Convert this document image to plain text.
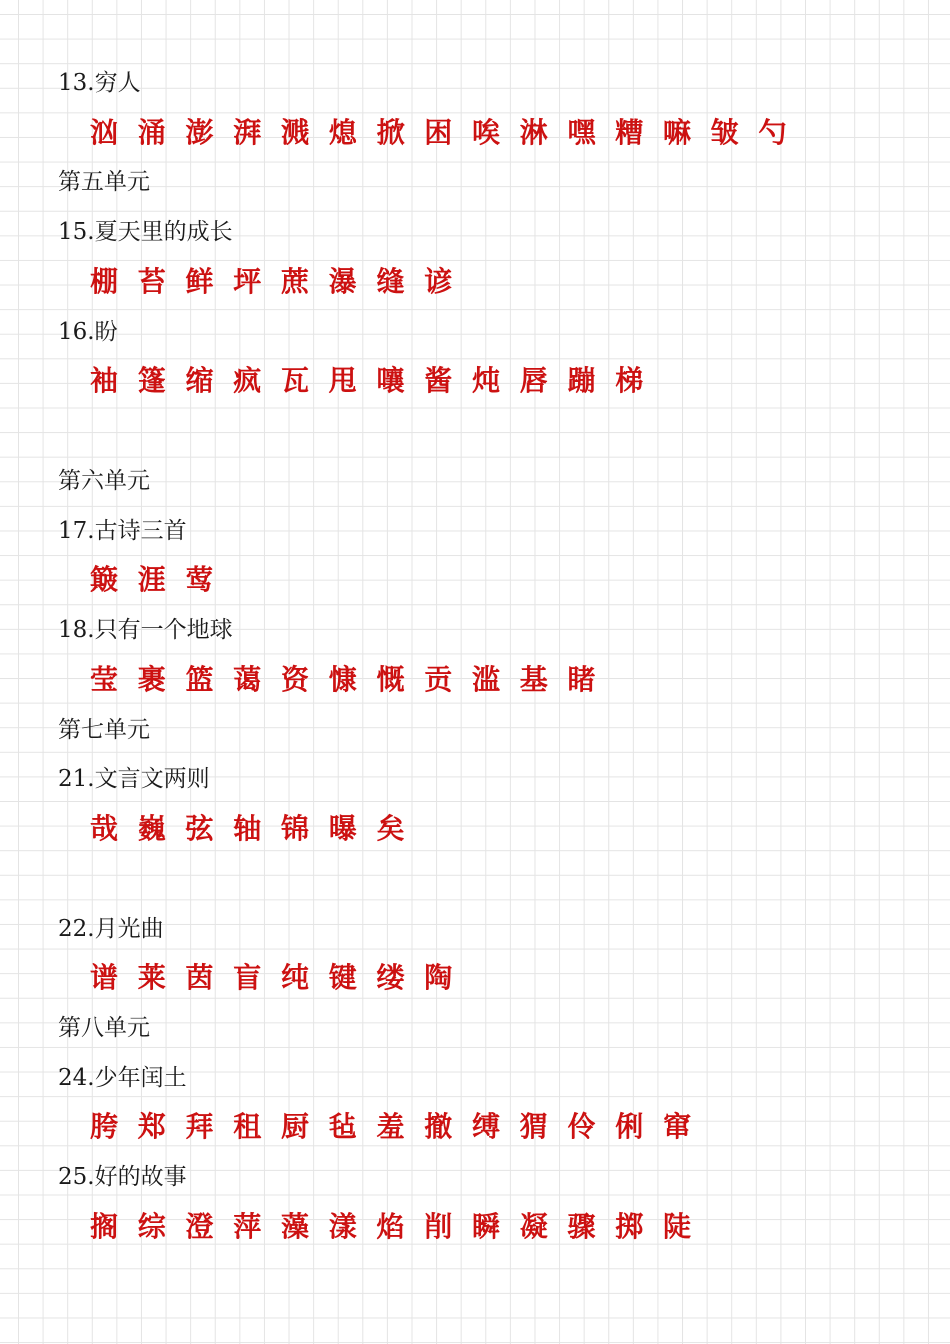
13.穷人
汹 涌 澎 湃 溅 熄 掀 困 唉 淋 嘿 糟 嘛 皱 勺
第五单元
15.夏天里的成长
棚 苔 鲜 坪 蔗 瀑 缝 谚
16.盼
袖 篷 缩 疯 瓦 甩 嚷 酱 炖 唇 蹦 梯
第六单元
17.古诗三首
簸 涯 莺
18.只有一个地球
莹 裹 篮 蔼 资 慷 慨 贡 滥 基 睹
第七单元
21.文言文两则
哉 巍 弦 轴 锦 曝 矣
22.月光曲
谱 莱 茵 盲 纯 键 缕 陶
第八单元
24.少年闰土
胯 郑 拜 租 厨 毡 羞 撤 缚 猬 伶 俐 窜
25.好的故事
搁 综 澄 萍 藻 漾 焰 削 瞬 凝 骤 掷 陡
